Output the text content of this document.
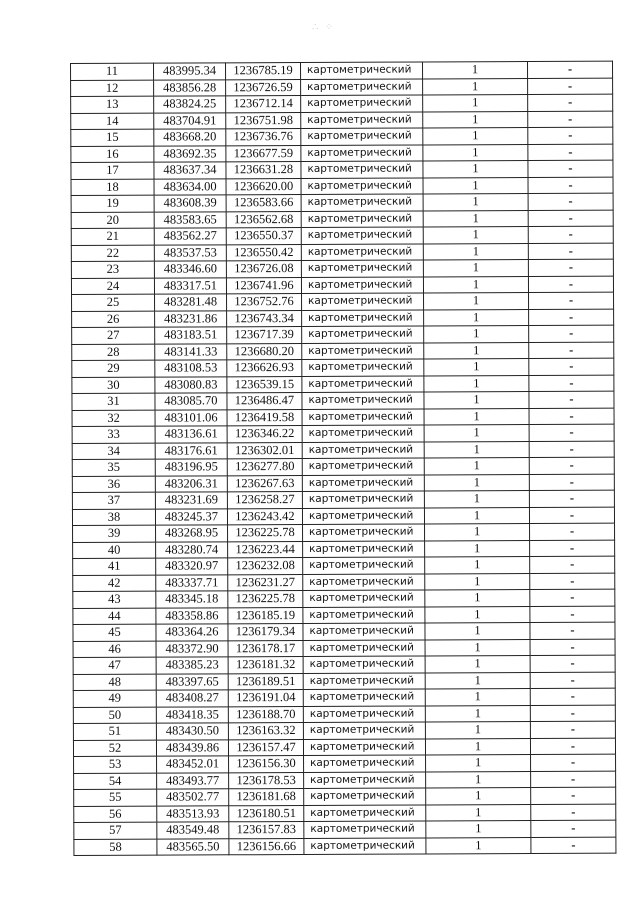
∴ ⁘
11	483995.34	1236785.19	картометрический	1	-
12	483856.28	1236726.59	картометрический	1	-
13	483824.25	1236712.14	картометрический	1	-
14	483704.91	1236751.98	картометрический	1	-
15	483668.20	1236736.76	картометрический	1	-
16	483692.35	1236677.59	картометрический	1	-
17	483637.34	1236631.28	картометрический	1	-
18	483634.00	1236620.00	картометрический	1	-
19	483608.39	1236583.66	картометрический	1	-
20	483583.65	1236562.68	картометрический	1	-
21	483562.27	1236550.37	картометрический	1	-
22	483537.53	1236550.42	картометрический	1	-
23	483346.60	1236726.08	картометрический	1	-
24	483317.51	1236741.96	картометрический	1	-
25	483281.48	1236752.76	картометрический	1	-
26	483231.86	1236743.34	картометрический	1	-
27	483183.51	1236717.39	картометрический	1	-
28	483141.33	1236680.20	картометрический	1	-
29	483108.53	1236626.93	картометрический	1	-
30	483080.83	1236539.15	картометрический	1	-
31	483085.70	1236486.47	картометрический	1	-
32	483101.06	1236419.58	картометрический	1	-
33	483136.61	1236346.22	картометрический	1	-
34	483176.61	1236302.01	картометрический	1	-
35	483196.95	1236277.80	картометрический	1	-
36	483206.31	1236267.63	картометрический	1	-
37	483231.69	1236258.27	картометрический	1	-
38	483245.37	1236243.42	картометрический	1	-
39	483268.95	1236225.78	картометрический	1	-
40	483280.74	1236223.44	картометрический	1	-
41	483320.97	1236232.08	картометрический	1	-
42	483337.71	1236231.27	картометрический	1	-
43	483345.18	1236225.78	картометрический	1	-
44	483358.86	1236185.19	картометрический	1	-
45	483364.26	1236179.34	картометрический	1	-
46	483372.90	1236178.17	картометрический	1	-
47	483385.23	1236181.32	картометрический	1	-
48	483397.65	1236189.51	картометрический	1	-
49	483408.27	1236191.04	картометрический	1	-
50	483418.35	1236188.70	картометрический	1	-
51	483430.50	1236163.32	картометрический	1	-
52	483439.86	1236157.47	картометрический	1	-
53	483452.01	1236156.30	картометрический	1	-
54	483493.77	1236178.53	картометрический	1	-
55	483502.77	1236181.68	картометрический	1	-
56	483513.93	1236180.51	картометрический	1	-
57	483549.48	1236157.83	картометрический	1	-
58	483565.50	1236156.66	картометрический	1	-
